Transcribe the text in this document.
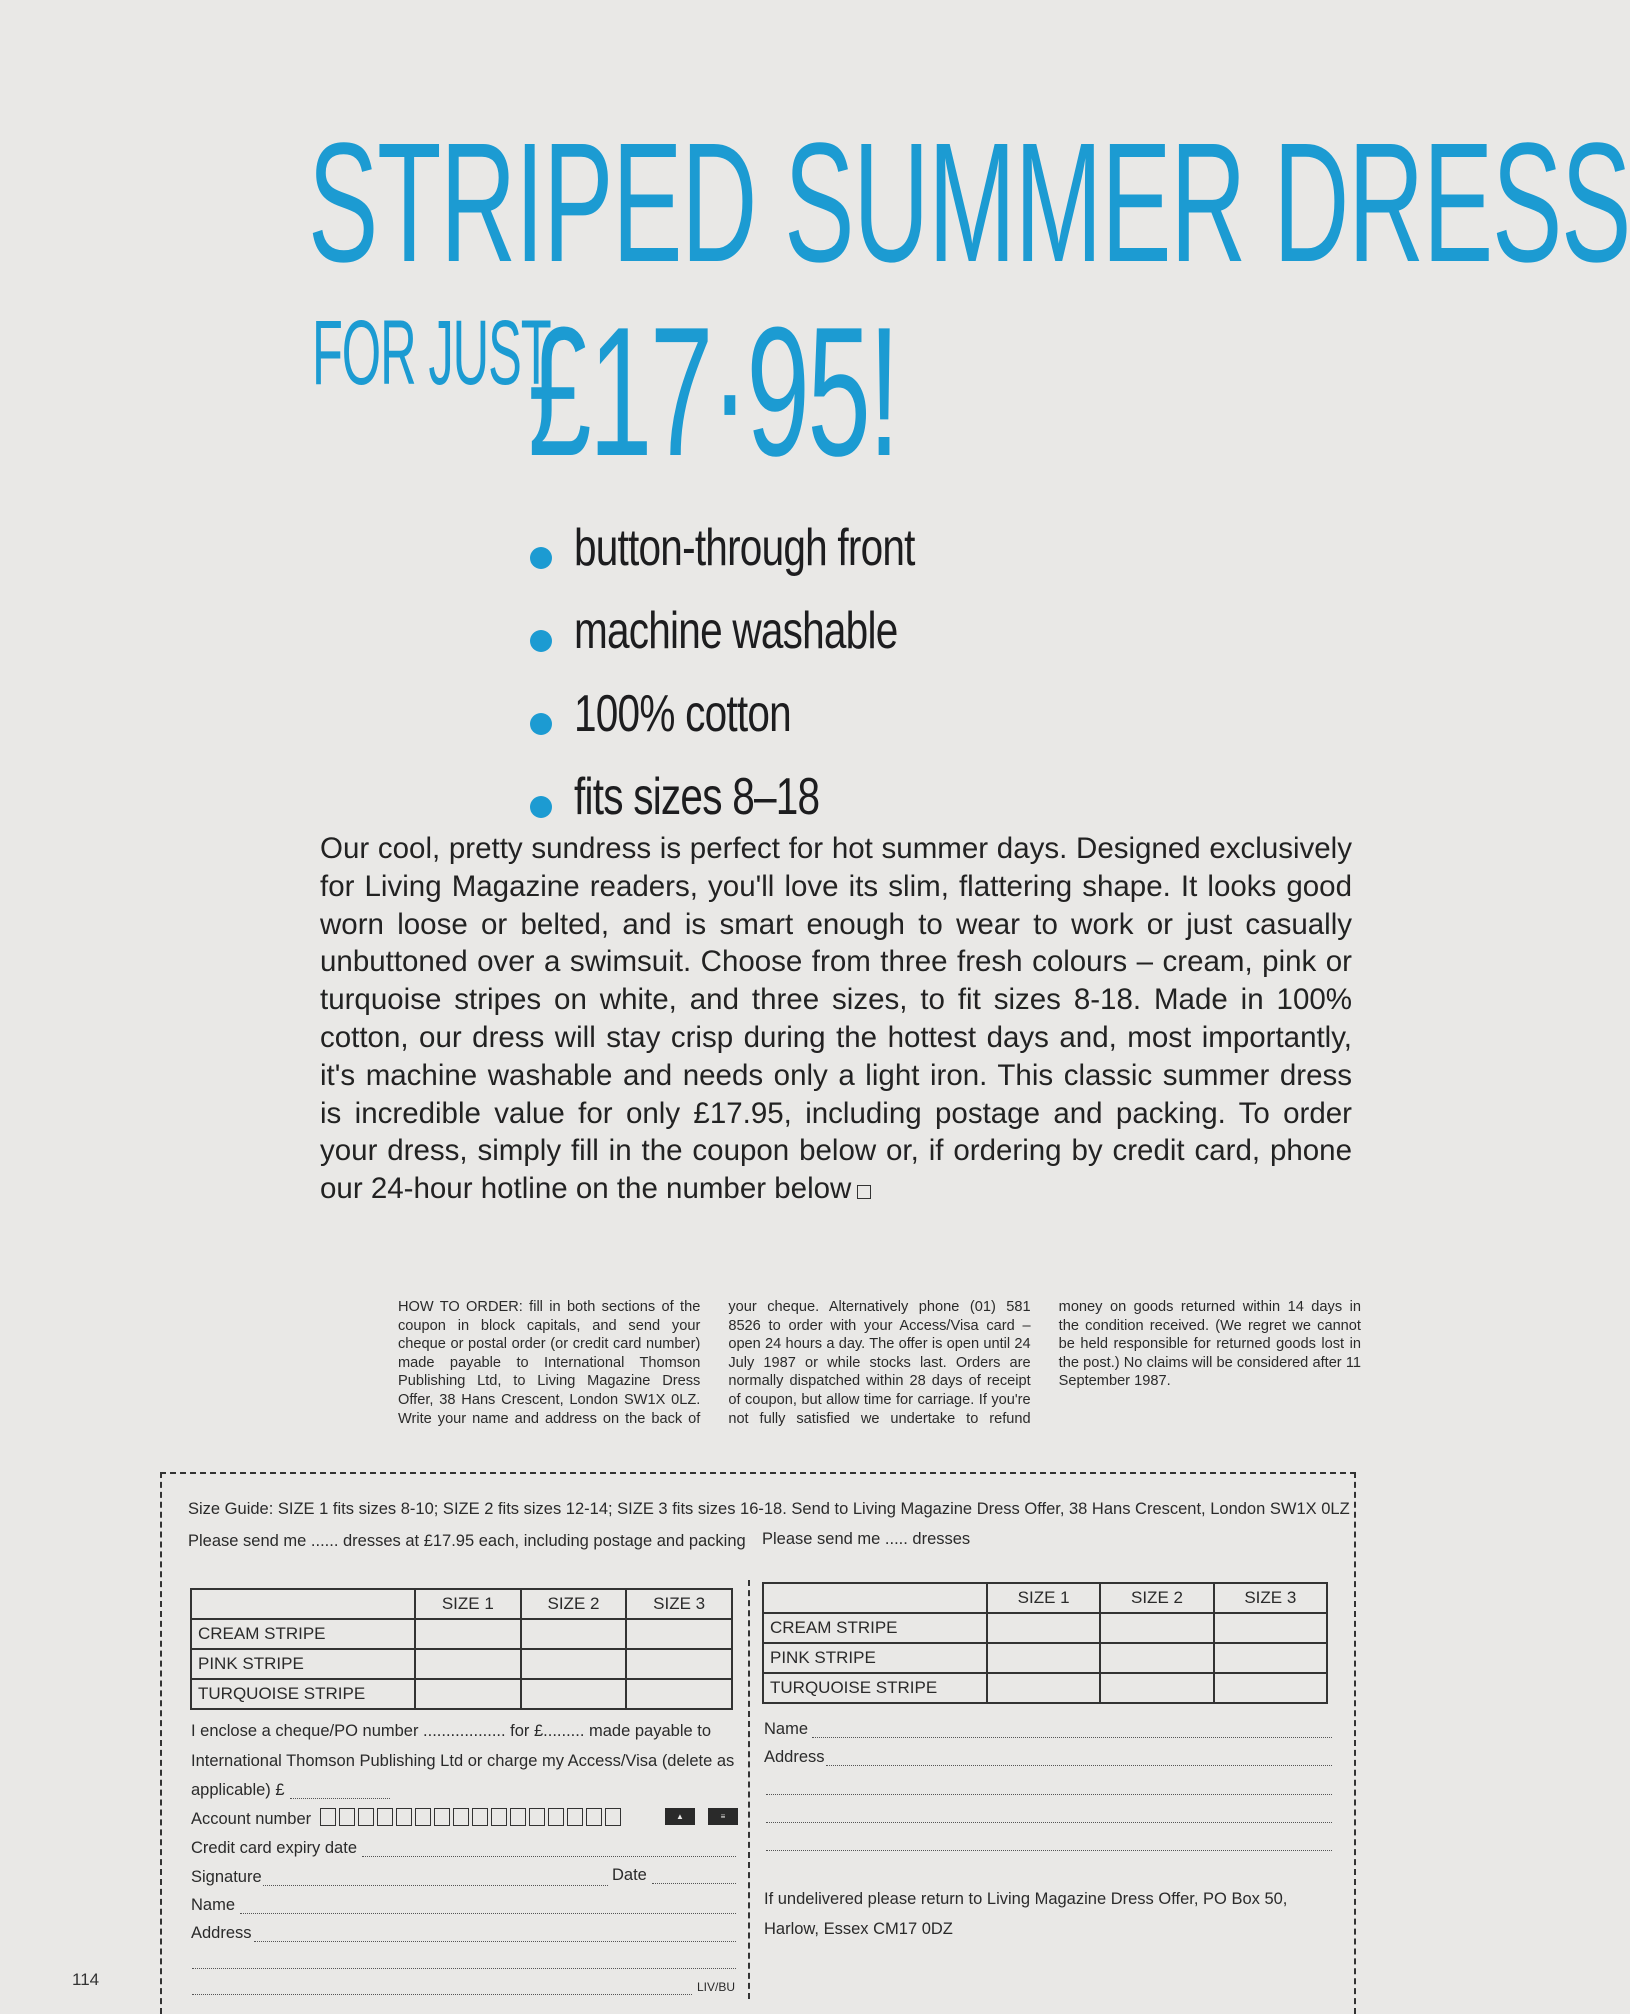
STRIPED SUMMER DRESS
FOR JUST
£17·95!
button-through front
machine washable
100% cotton
fits sizes 8–18
Our cool, pretty sundress is perfect for hot summer days. Designed exclusively for Living Magazine readers, you'll love its slim, flattering shape. It looks good worn loose or belted, and is smart enough to wear to work or just casually unbuttoned over a swimsuit. Choose from three fresh colours – cream, pink or turquoise stripes on white, and three sizes, to fit sizes 8-18. Made in 100% cotton, our dress will stay crisp during the hottest days and, most importantly, it's machine washable and needs only a light iron. This classic summer dress is incredible value for only £17.95, including postage and packing. To order your dress, simply fill in the coupon below or, if ordering by credit card, phone our 24-hour hotline on the number below
HOW TO ORDER: fill in both sections of the coupon in block capitals, and send your cheque or postal order (or credit card number) made payable to International Thomson Publishing Ltd, to Living Magazine Dress Offer, 38 Hans Crescent, London SW1X 0LZ. Write your name and address on the back of your cheque. Alternatively phone (01) 581 8526 to order with your Access/Visa card – open 24 hours a day. The offer is open until 24 July 1987 or while stocks last. Orders are normally dispatched within 28 days of receipt of coupon, but allow time for carriage. If you're not fully satisfied we undertake to refund money on goods returned within 14 days in the condition received. (We regret we cannot be held responsible for returned goods lost in the post.) No claims will be considered after 11 September 1987.
Size Guide: SIZE 1 fits sizes 8-10; SIZE 2 fits sizes 12-14; SIZE 3 fits sizes 16-18. Send to Living Magazine Dress Offer, 38 Hans Crescent, London SW1X 0LZ
Please send me ...... dresses at £17.95 each, including postage and packing Please send me ..... dresses
	SIZE 1	SIZE 2	SIZE 3
CREAM STRIPE			
PINK STRIPE			
TURQUOISE STRIPE			
	SIZE 1	SIZE 2	SIZE 3
CREAM STRIPE			
PINK STRIPE			
TURQUOISE STRIPE			
I enclose a cheque/PO number .................. for £......... made payable to
International Thomson Publishing Ltd or charge my Access/Visa (delete as
applicable) £
Account number	▲	≡
Credit card expiry date
Signature	Date
Name
Address
LIV/BU
Name
Address
If undelivered please return to Living Magazine Dress Offer, PO Box 50,
Harlow, Essex CM17 0DZ
114
